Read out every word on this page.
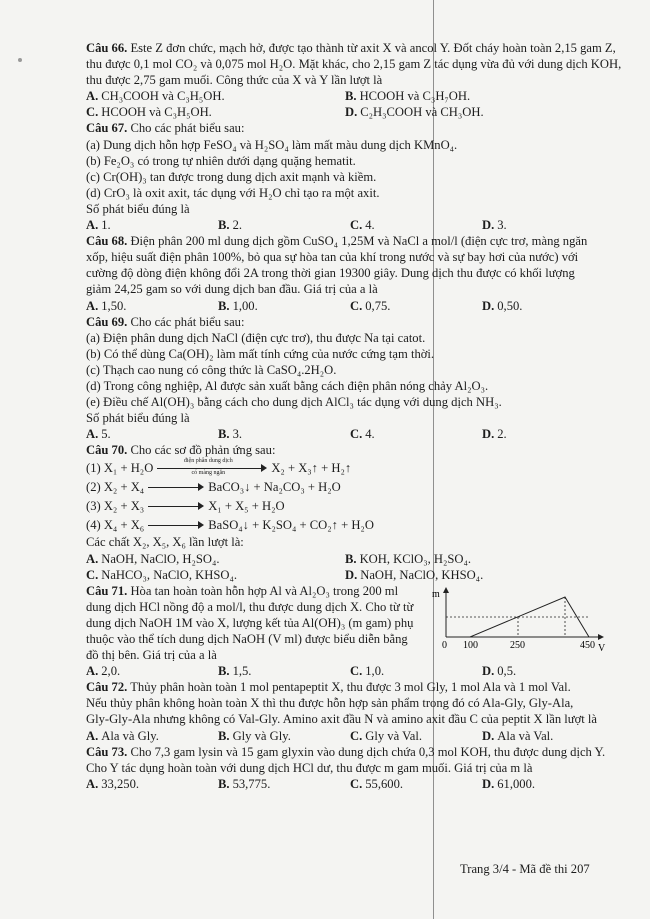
Câu 66. Este Z đơn chức, mạch hở, được tạo thành từ axit X và ancol Y. Đốt cháy hoàn toàn 2,15 gam Z,
thu được 0,1 mol CO₂ và 0,075 mol H₂O. Mặt khác, cho 2,15 gam Z tác dụng vừa đủ với dung dịch KOH,
thu được 2,75 gam muối. Công thức của X và Y lần lượt là
A. CH₃COOH và C₃H₅OH.	B. HCOOH và C₃H₇OH.
C. HCOOH và C₃H₅OH.	D. C₂H₃COOH và CH₃OH.
Câu 67. Cho các phát biểu sau:
(a) Dung dịch hỗn hợp FeSO₄ và H₂SO₄ làm mất màu dung dịch KMnO₄.
(b) Fe₂O₃ có trong tự nhiên dưới dạng quặng hematit.
(c) Cr(OH)₃ tan được trong dung dịch axit mạnh và kiềm.
(d) CrO₃ là oxit axit, tác dụng với H₂O chỉ tạo ra một axit.
Số phát biểu đúng là
A. 1.	B. 2.	C. 4.	D. 3.
Câu 68. Điện phân 200 ml dung dịch gồm CuSO₄ 1,25M và NaCl a mol/l (điện cực trơ, màng ngăn
xốp, hiệu suất điện phân 100%, bỏ qua sự hòa tan của khí trong nước và sự bay hơi của nước) với
cường độ dòng điện không đổi 2A trong thời gian 19300 giây. Dung dịch thu được có khối lượng
giảm 24,25 gam so với dung dịch ban đầu. Giá trị của a là
A. 1,50.	B. 1,00.	C. 0,75.	D. 0,50.
Câu 69. Cho các phát biểu sau:
(a) Điện phân dung dịch NaCl (điện cực trơ), thu được Na tại catot.
(b) Có thể dùng Ca(OH)₂ làm mất tính cứng của nước cứng tạm thời.
(c) Thạch cao nung có công thức là CaSO₄.2H₂O.
(d) Trong công nghiệp, Al được sản xuất bằng cách điện phân nóng chảy Al₂O₃.
(e) Điều chế Al(OH)₃ bằng cách cho dung dịch AlCl₃ tác dụng với dung dịch NH₃.
Số phát biểu đúng là
A. 5.	B. 3.	C. 4.	D. 2.
Câu 70. Cho các sơ đồ phản ứng sau:
(1) X₁ + H₂O	điện phân dung dịch
có màng ngăn	X₂ + X₃↑ + H₂↑
(2) X₂ + X₄	BaCO₃↓ + Na₂CO₃ + H₂O
(3) X₂ + X₃	X₁ + X₅ + H₂O
(4) X₄ + X₆	BaSO₄↓ + K₂SO₄ + CO₂↑ + H₂O
Các chất X₂, X₅, X₆ lần lượt là:
A. NaOH, NaClO, H₂SO₄.	B. KOH, KClO₃, H₂SO₄.
C. NaHCO₃, NaClO, KHSO₄.	D. NaOH, NaClO, KHSO₄.
Câu 71. Hòa tan hoàn toàn hỗn hợp Al và Al₂O₃ trong 200 ml
dung dịch HCl nồng độ a mol/l, thu được dung dịch X. Cho từ từ
dung dịch NaOH 1M vào X, lượng kết tủa Al(OH)₃ (m gam) phụ
thuộc vào thể tích dung dịch NaOH (V ml) được biểu diễn bằng
đồ thị bên. Giá trị của a là
m
V
0 100	250	450
A. 2,0.	B. 1,5.	C. 1,0.	D. 0,5.
Câu 72. Thủy phân hoàn toàn 1 mol pentapeptit X, thu được 3 mol Gly, 1 mol Ala và 1 mol Val.
Nếu thủy phân không hoàn toàn X thì thu được hỗn hợp sản phẩm trong đó có Ala-Gly, Gly-Ala,
Gly-Gly-Ala nhưng không có Val-Gly. Amino axit đầu N và amino axit đầu C của peptit X lần lượt là
A. Ala và Gly.	B. Gly và Gly.	C. Gly và Val.	D. Ala và Val.
Câu 73. Cho 7,3 gam lysin và 15 gam glyxin vào dung dịch chứa 0,3 mol KOH, thu được dung dịch Y.
Cho Y tác dụng hoàn toàn với dung dịch HCl dư, thu được m gam muối. Giá trị của m là
A. 33,250.	B. 53,775.	C. 55,600.	D. 61,000.
Trang 3/4 - Mã đề thi 207
